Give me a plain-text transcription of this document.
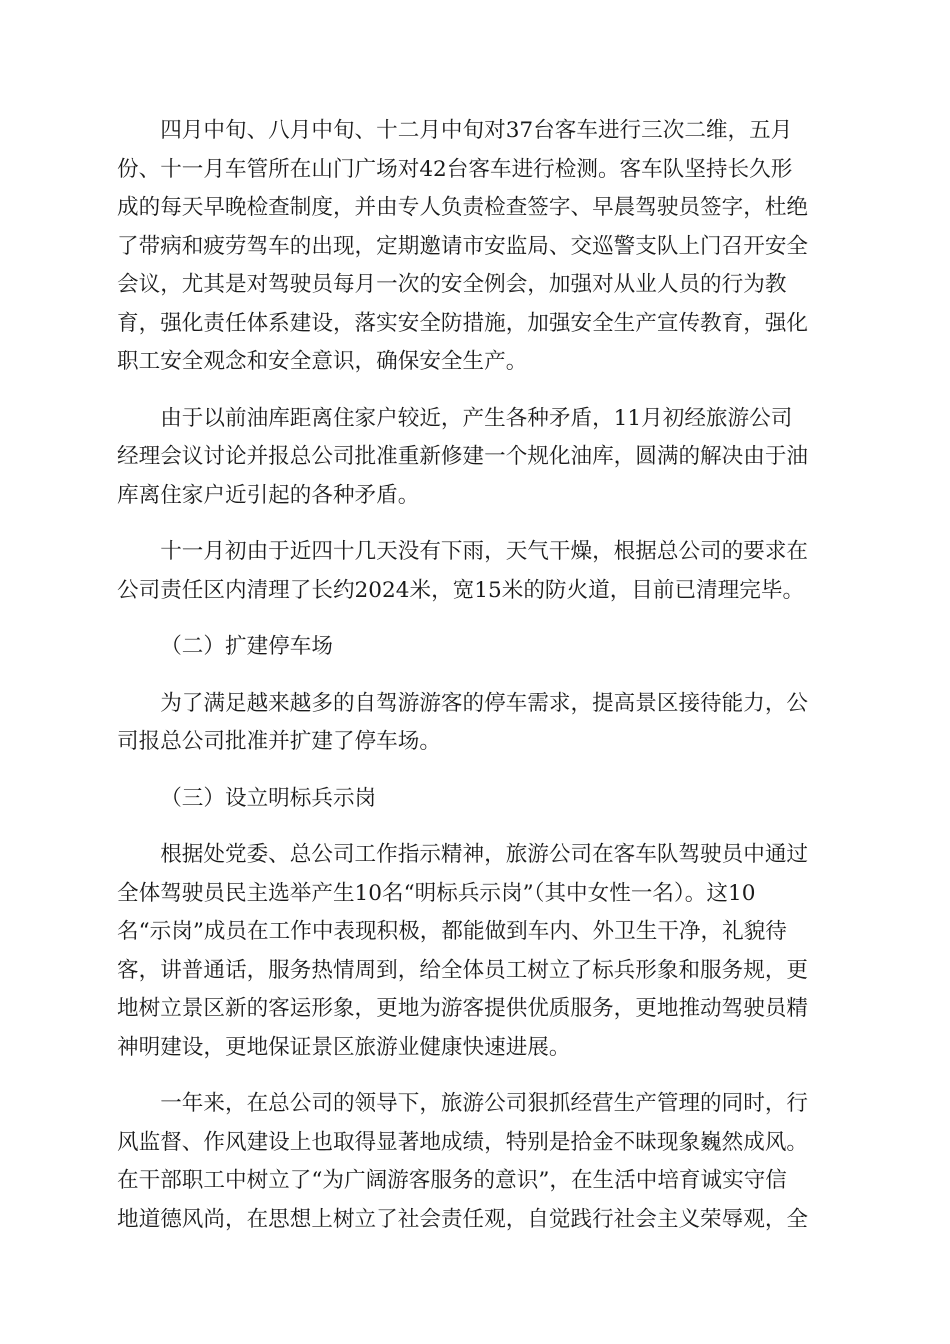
四月中旬、八月中旬、十二月中旬对37台客车进行三次二维，五月
份、十一月车管所在山门广场对42台客车进行检测。客车队坚持长久形
成的每天早晚检查制度，并由专人负责检查签字、早晨驾驶员签字，杜绝
了带病和疲劳驾车的出现，定期邀请市安监局、交巡警支队上门召开安全
会议，尤其是对驾驶员每月一次的安全例会，加强对从业人员的行为教
育，强化责任体系建设，落实安全防措施，加强安全生产宣传教育，强化
职工安全观念和安全意识，确保安全生产。

由于以前油库距离住家户较近，产生各种矛盾，11月初经旅游公司
经理会议讨论并报总公司批准重新修建一个规化油库，圆满的解决由于油
库离住家户近引起的各种矛盾。

十一月初由于近四十几天没有下雨，天气干燥，根据总公司的要求在
公司责任区内清理了长约2024米，宽15米的防火道，目前已清理完毕。

（二）扩建停车场

为了满足越来越多的自驾游游客的停车需求，提高景区接待能力，公
司报总公司批准并扩建了停车场。

（三）设立明标兵示岗

根据处党委、总公司工作指示精神，旅游公司在客车队驾驶员中通过
全体驾驶员民主选举产生10名“明标兵示岗”（其中女性一名）。这10
名“示岗”成员在工作中表现积极，都能做到车内、外卫生干净，礼貌待
客，讲普通话，服务热情周到，给全体员工树立了标兵形象和服务规，更
地树立景区新的客运形象，更地为游客提供优质服务，更地推动驾驶员精
神明建设，更地保证景区旅游业健康快速进展。

一年来，在总公司的领导下，旅游公司狠抓经营生产管理的同时，行
风监督、作风建设上也取得显著地成绩，特别是拾金不昧现象巍然成风。
在干部职工中树立了“为广阔游客服务的意识”，在生活中培育诚实守信
地道德风尚，在思想上树立了社会责任观，自觉践行社会主义荣辱观，全
